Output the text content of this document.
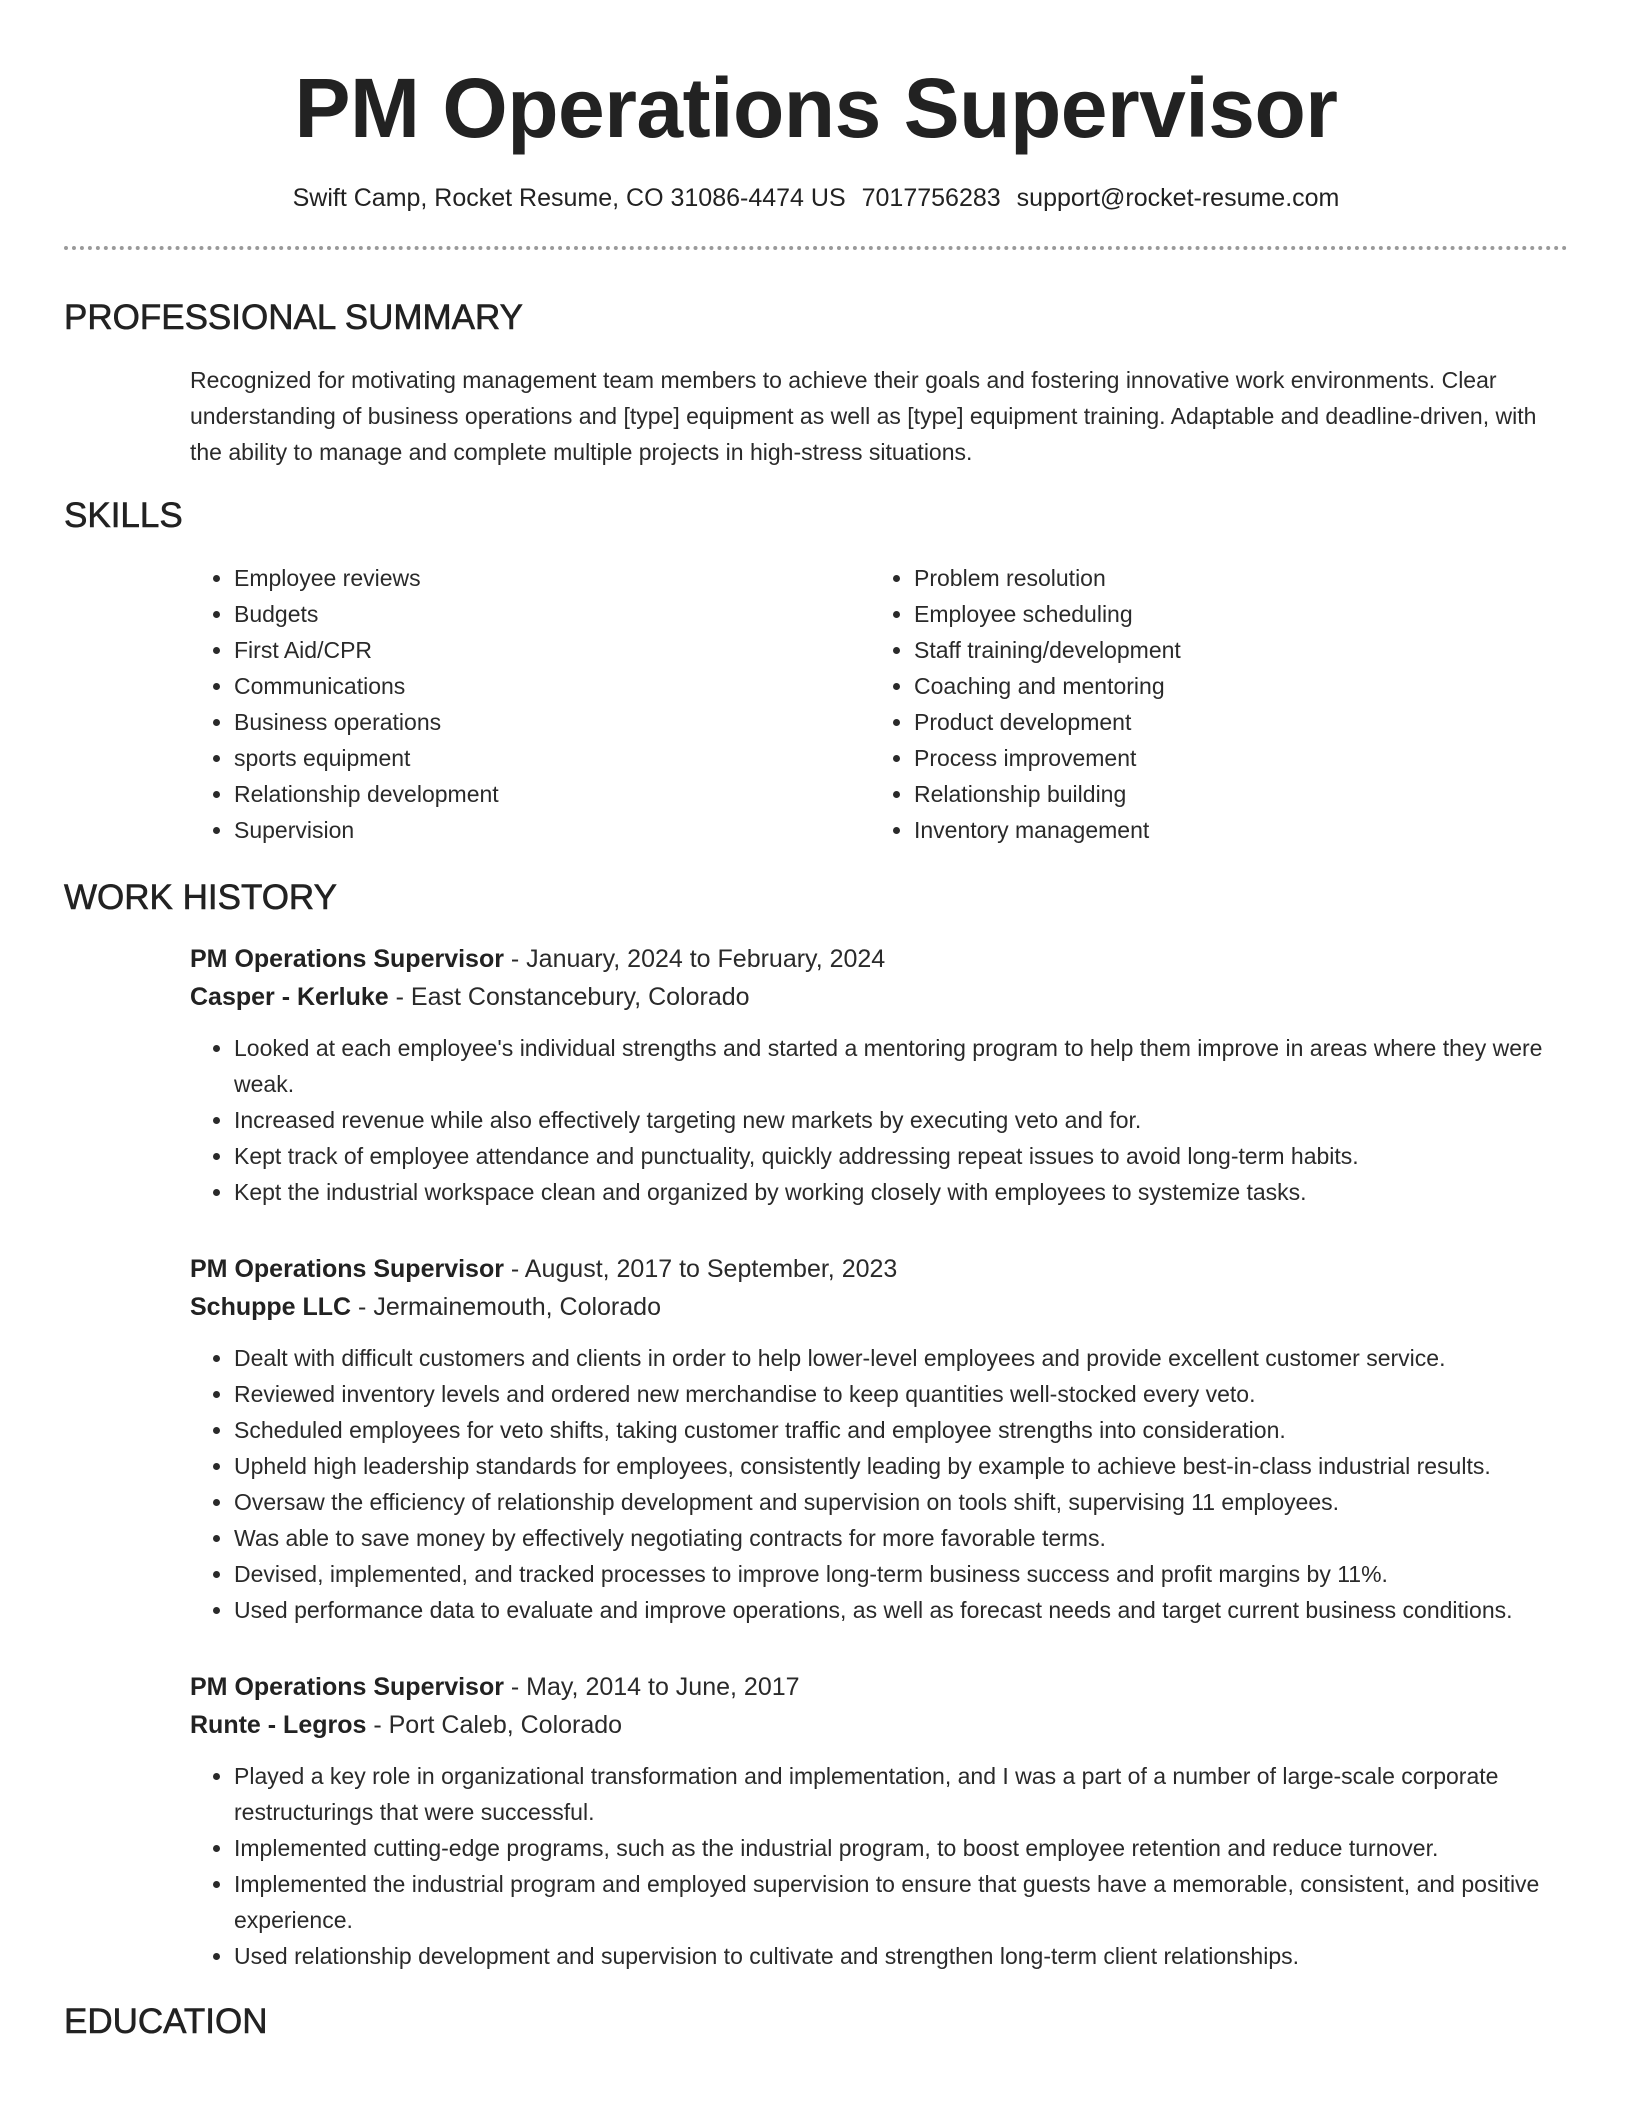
PM Operations Supervisor
Swift Camp, Rocket Resume, CO 31086-4474 US 7017756283 support@rocket-resume.com
PROFESSIONAL SUMMARY

Recognized for motivating management team members to achieve their goals and fostering innovative work environments. Clear understanding of business operations and [type] equipment as well as [type] equipment training. Adaptable and deadline-driven, with the ability to manage and complete multiple projects in high-stress situations.

SKILLS
• Employee reviews
• Budgets
• First Aid/CPR
• Communications
• Business operations
• sports equipment
• Relationship development
• Supervision
• Problem resolution
• Employee scheduling
• Staff training/development
• Coaching and mentoring
• Product development
• Process improvement
• Relationship building
• Inventory management
WORK HISTORY
PM Operations Supervisor - January, 2024 to February, 2024
Casper - Kerluke - East Constancebury, Colorado
• Looked at each employee's individual strengths and started a mentoring program to help them improve in areas where they were weak.
• Increased revenue while also effectively targeting new markets by executing veto and for.
• Kept track of employee attendance and punctuality, quickly addressing repeat issues to avoid long-term habits.
• Kept the industrial workspace clean and organized by working closely with employees to systemize tasks.
PM Operations Supervisor - August, 2017 to September, 2023
Schuppe LLC - Jermainemouth, Colorado
• Dealt with difficult customers and clients in order to help lower-level employees and provide excellent customer service.
• Reviewed inventory levels and ordered new merchandise to keep quantities well-stocked every veto.
• Scheduled employees for veto shifts, taking customer traffic and employee strengths into consideration.
• Upheld high leadership standards for employees, consistently leading by example to achieve best-in-class industrial results.
• Oversaw the efficiency of relationship development and supervision on tools shift, supervising 11 employees.
• Was able to save money by effectively negotiating contracts for more favorable terms.
• Devised, implemented, and tracked processes to improve long-term business success and profit margins by 11%.
• Used performance data to evaluate and improve operations, as well as forecast needs and target current business conditions.
PM Operations Supervisor - May, 2014 to June, 2017
Runte - Legros - Port Caleb, Colorado
• Played a key role in organizational transformation and implementation, and I was a part of a number of large-scale corporate restructurings that were successful.
• Implemented cutting-edge programs, such as the industrial program, to boost employee retention and reduce turnover.
• Implemented the industrial program and employed supervision to ensure that guests have a memorable, consistent, and positive experience.
• Used relationship development and supervision to cultivate and strengthen long-term client relationships.
EDUCATION
